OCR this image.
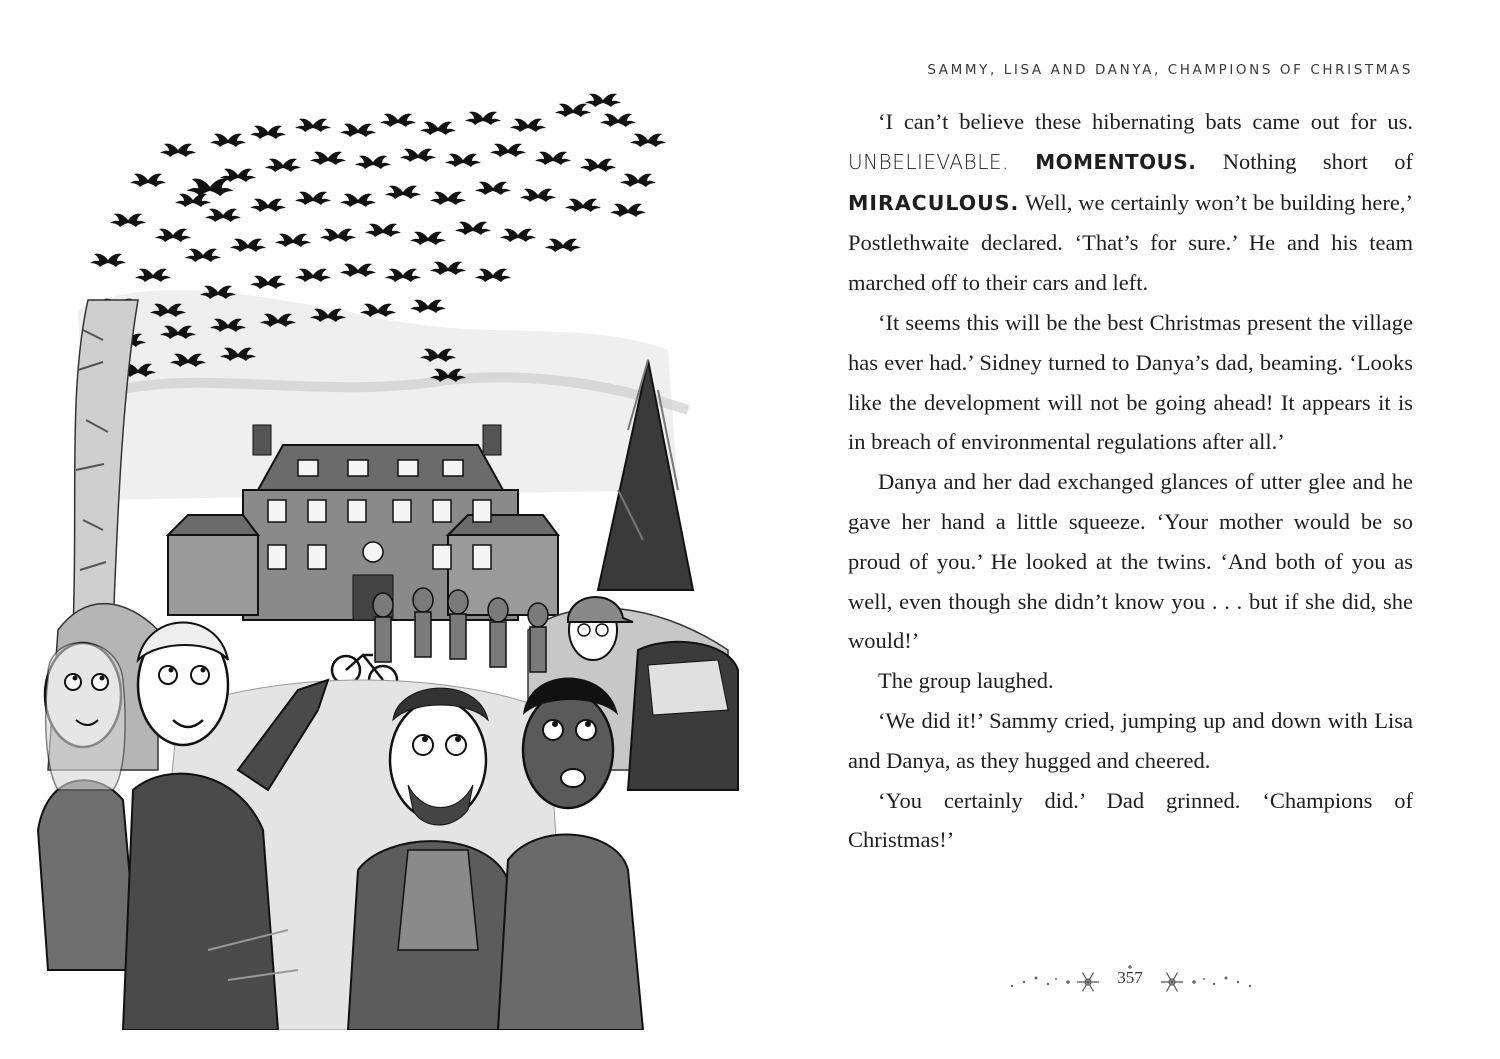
SAMMY, LISA AND DANYA, CHAMPIONS OF CHRISTMAS

‘I can’t believe these hibernating bats came out for us. UNBELIEVABLE. MOMENTOUS. Nothing short of MIRACULOUS. Well, we certainly won’t be building here,’ Postlethwaite declared. ‘That’s for sure.’ He and his team marched off to their cars and left.

‘It seems this will be the best Christmas present the village has ever had.’ Sidney turned to Danya’s dad, beaming. ‘Looks like the development will not be going ahead! It appears it is in breach of environmental regulations after all.’

Danya and her dad exchanged glances of utter glee and he gave her hand a little squeeze. ‘Your mother would be so proud of you.’ He looked at the twins. ‘And both of you as well, even though she didn’t know you . . . but if she did, she would!’

The group laughed.

‘We did it!’ Sammy cried, jumping up and down with Lisa and Danya, as they hugged and cheered.

‘You certainly did.’ Dad grinned. ‘Champions of Christmas!’

357
